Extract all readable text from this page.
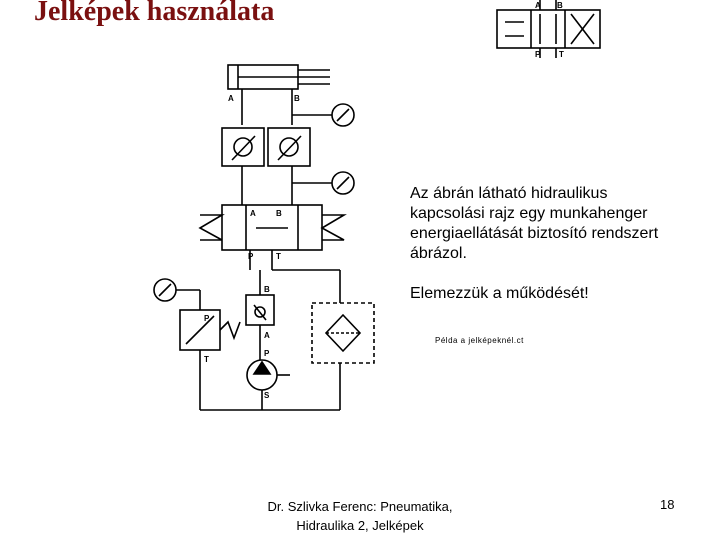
Jelképek használata
A	B
A	B
P	T
B
A
P
S
P
T
A B
P T

Az ábrán látható hidraulikus kapcsolási rajz egy munkahenger energiaellátását biztosító rendszert ábrázol.

Elemezzük a működését!

Példa a jelképeknél.ct
Dr. Szlivka Ferenc: Pneumatika,
Hidraulika 2, Jelképek
18
